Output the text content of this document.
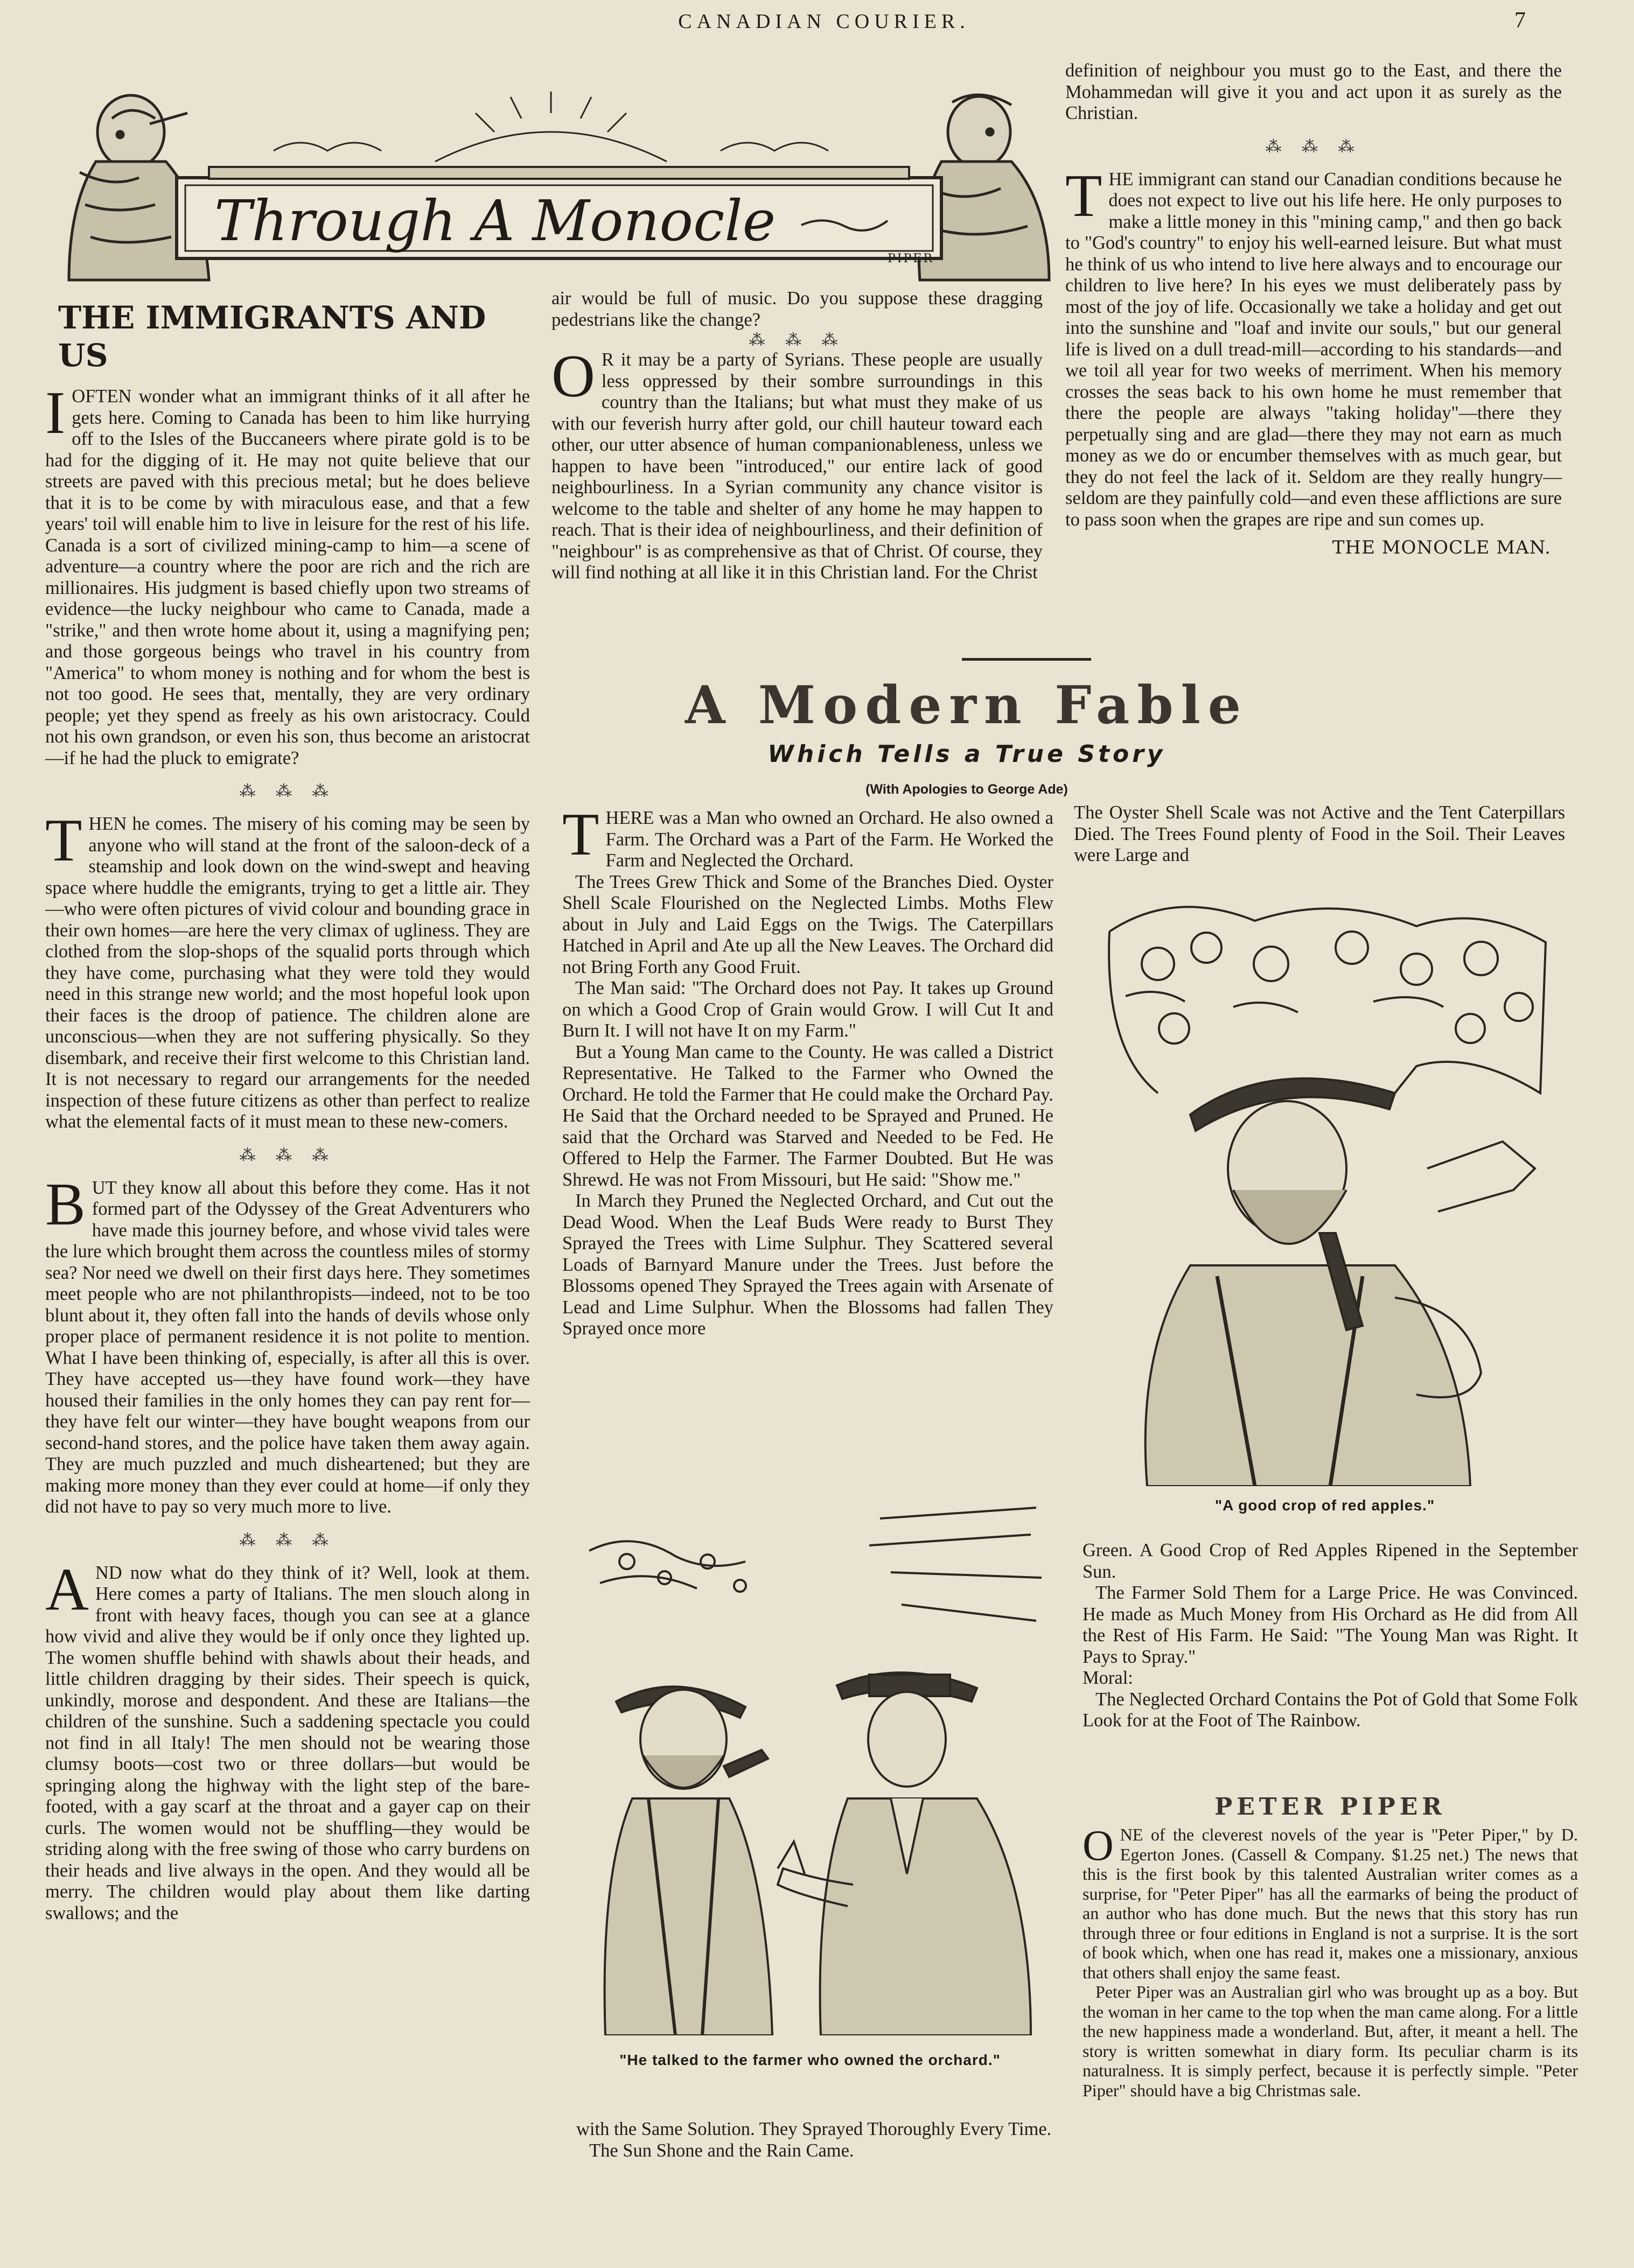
CANADIAN COURIER.	7
Through A Monocle
PIPER
THE IMMIGRANTS AND US

IOFTEN wonder what an immigrant thinks of it all after he gets here. Coming to Canada has been to him like hurrying off to the Isles of the Buccaneers where pirate gold is to be had for the digging of it. He may not quite believe that our streets are paved with this precious metal; but he does believe that it is to be come by with miraculous ease, and that a few years' toil will enable him to live in leisure for the rest of his life. Canada is a sort of civilized mining-camp to him—a scene of adventure—a country where the poor are rich and the rich are millionaires. His judgment is based chiefly upon two streams of evidence—the lucky neighbour who came to Canada, made a "strike," and then wrote home about it, using a magnifying pen; and those gorgeous beings who travel in his country from "America" to whom money is nothing and for whom the best is not too good. He sees that, mentally, they are very ordinary people; yet they spend as freely as his own aristocracy. Could not his own grandson, or even his son, thus become an aristocrat—if he had the pluck to emigrate?

⁂ ⁂ ⁂

THEN he comes. The misery of his coming may be seen by anyone who will stand at the front of the saloon-deck of a steamship and look down on the wind-swept and heaving space where huddle the emigrants, trying to get a little air. They—who were often pictures of vivid colour and bounding grace in their own homes—are here the very climax of ugliness. They are clothed from the slop-shops of the squalid ports through which they have come, purchasing what they were told they would need in this strange new world; and the most hopeful look upon their faces is the droop of patience. The children alone are unconscious—when they are not suffering physically. So they disembark, and receive their first welcome to this Christian land. It is not necessary to regard our arrangements for the needed inspection of these future citizens as other than perfect to realize what the elemental facts of it must mean to these new-comers.

⁂ ⁂ ⁂

BUT they know all about this before they come. Has it not formed part of the Odyssey of the Great Adventurers who have made this journey before, and whose vivid tales were the lure which brought them across the countless miles of stormy sea? Nor need we dwell on their first days here. They sometimes meet people who are not philanthropists—indeed, not to be too blunt about it, they often fall into the hands of devils whose only proper place of permanent residence it is not polite to mention. What I have been thinking of, especially, is after all this is over. They have accepted us—they have found work—they have housed their families in the only homes they can pay rent for—they have felt our winter—they have bought weapons from our second-hand stores, and the police have taken them away again. They are much puzzled and much disheartened; but they are making more money than they ever could at home—if only they did not have to pay so very much more to live.

⁂ ⁂ ⁂

AND now what do they think of it? Well, look at them. Here comes a party of Italians. The men slouch along in front with heavy faces, though you can see at a glance how vivid and alive they would be if only once they lighted up. The women shuffle behind with shawls about their heads, and little children dragging by their sides. Their speech is quick, unkindly, morose and despondent. And these are Italians—the children of the sunshine. Such a saddening spectacle you could not find in all Italy! The men should not be wearing those clumsy boots—cost two or three dollars—but would be springing along the highway with the light step of the bare-footed, with a gay scarf at the throat and a gayer cap on their curls. The women would not be shuffling—they would be striding along with the free swing of those who carry burdens on their heads and live always in the open. And they would all be merry. The children would play about them like darting swallows; and the

air would be full of music. Do you suppose these dragging pedestrians like the change?

⁂ ⁂ ⁂

O R it may be a party of Syrians. These people are usually less oppressed by their sombre surroundings in this country than the Italians; but what must they make of us with our feverish hurry after gold, our chill hauteur toward each other, our utter absence of human companionableness, unless we happen to have been "introduced," our entire lack of good neighbourliness. In a Syrian community any chance visitor is welcome to the table and shelter of any home he may happen to reach. That is their idea of neighbourliness, and their definition of "neighbour" is as comprehensive as that of Christ. Of course, they will find nothing at all like it in this Christian land. For the Christ

definition of neighbour you must go to the East, and there the Mohammedan will give it you and act upon it as surely as the Christian.

⁂ ⁂ ⁂

THE immigrant can stand our Canadian conditions because he does not expect to live out his life here. He only purposes to make a little money in this "mining camp," and then go back to "God's country" to enjoy his well-earned leisure. But what must he think of us who intend to live here always and to encourage our children to live here? In his eyes we must deliberately pass by most of the joy of life. Occasionally we take a holiday and get out into the sunshine and "loaf and invite our souls," but our general life is lived on a dull tread-mill—according to his standards—and we toil all year for two weeks of merriment. When his memory crosses the seas back to his own home he must remember that there the people are always "taking holiday"—there they perpetually sing and are glad—there they may not earn as much money as we do or encumber themselves with as much gear, but they do not feel the lack of it. Seldom are they really hungry—seldom are they painfully cold—and even these afflictions are sure to pass soon when the grapes are ripe and sun comes up.

THE MONOCLE MAN.
A Modern Fable
Which Tells a True Story
(With Apologies to George Ade)

THERE was a Man who owned an Orchard. He also owned a Farm. The Orchard was a Part of the Farm. He Worked the Farm and Neglected the Orchard.

The Trees Grew Thick and Some of the Branches Died. Oyster Shell Scale Flourished on the Neglected Limbs. Moths Flew about in July and Laid Eggs on the Twigs. The Caterpillars Hatched in April and Ate up all the New Leaves. The Orchard did not Bring Forth any Good Fruit.

The Man said: "The Orchard does not Pay. It takes up Ground on which a Good Crop of Grain would Grow. I will Cut It and Burn It. I will not have It on my Farm."

But a Young Man came to the County. He was called a District Representative. He Talked to the Farmer who Owned the Orchard. He told the Farmer that He could make the Orchard Pay. He Said that the Orchard needed to be Sprayed and Pruned. He said that the Orchard was Starved and Needed to be Fed. He Offered to Help the Farmer. The Farmer Doubted. But He was Shrewd. He was not From Missouri, but He said: "Show me."

In March they Pruned the Neglected Orchard, and Cut out the Dead Wood. When the Leaf Buds Were ready to Burst They Sprayed the Trees with Lime Sulphur. They Scattered several Loads of Barnyard Manure under the Trees. Just before the Blossoms opened They Sprayed the Trees again with Arsenate of Lead and Lime Sulphur. When the Blossoms had fallen They Sprayed once more

"He talked to the farmer who owned the orchard."

with the Same Solution. They Sprayed Thoroughly Every Time.

The Sun Shone and the Rain Came.

The Oyster Shell Scale was not Active and the Tent Caterpillars Died. The Trees Found plenty of Food in the Soil. Their Leaves were Large and

"A good crop of red apples."

Green. A Good Crop of Red Apples Ripened in the September Sun.

The Farmer Sold Them for a Large Price. He was Convinced. He made as Much Money from His Orchard as He did from All the Rest of His Farm. He Said: "The Young Man was Right. It Pays to Spray."

Moral:

The Neglected Orchard Contains the Pot of Gold that Some Folk Look for at the Foot of The Rainbow.

PETER PIPER

ONE of the cleverest novels of the year is "Peter Piper," by D. Egerton Jones. (Cassell & Company. $1.25 net.) The news that this is the first book by this talented Australian writer comes as a surprise, for "Peter Piper" has all the earmarks of being the product of an author who has done much. But the news that this story has run through three or four editions in England is not a surprise. It is the sort of book which, when one has read it, makes one a missionary, anxious that others shall enjoy the same feast.

Peter Piper was an Australian girl who was brought up as a boy. But the woman in her came to the top when the man came along. For a little the new happiness made a wonderland. But, after, it meant a hell. The story is written somewhat in diary form. Its peculiar charm is its naturalness. It is simply perfect, because it is perfectly simple. "Peter Piper" should have a big Christmas sale.
